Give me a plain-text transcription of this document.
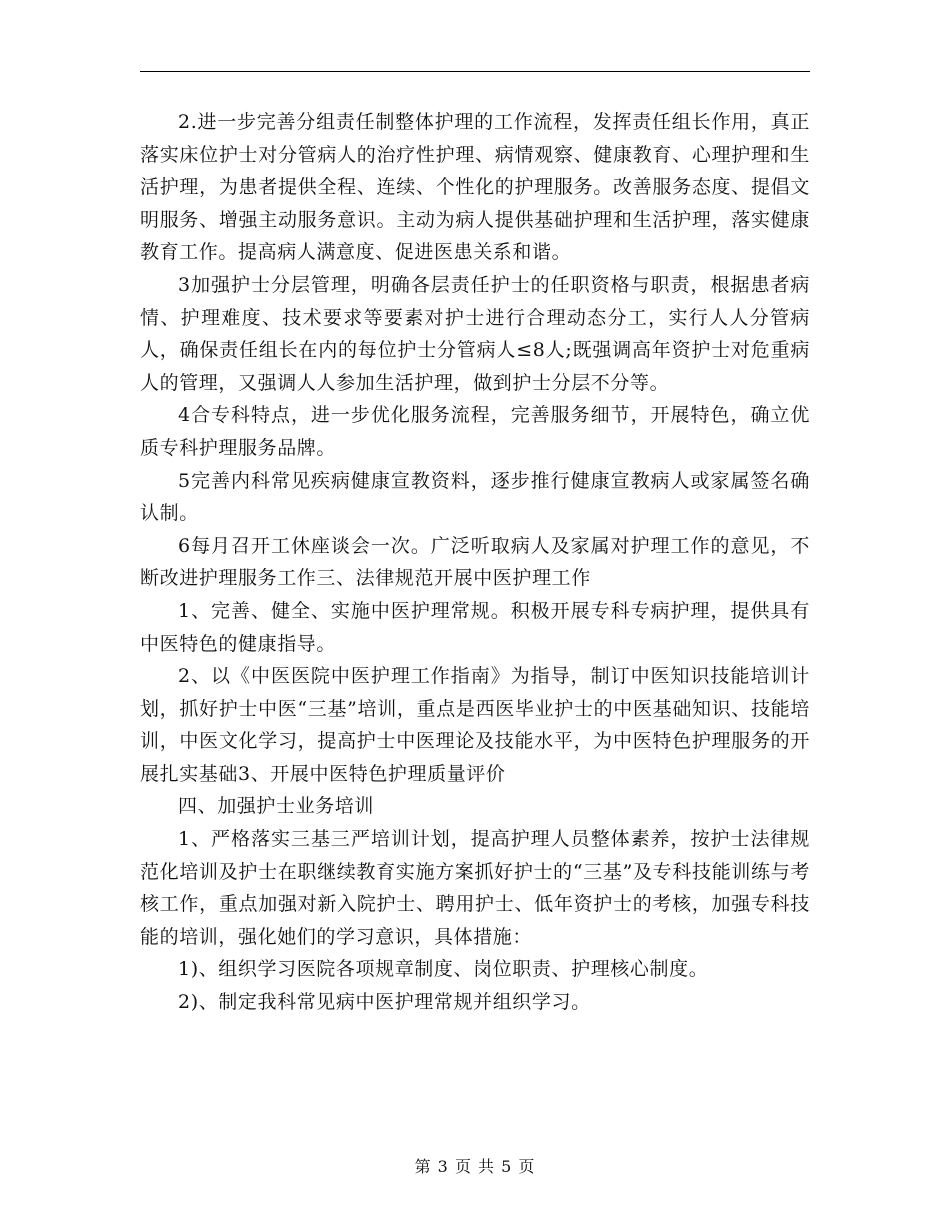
2.进一步完善分组责任制整体护理的工作流程，发挥责任组长作用，真正落实床位护士对分管病人的治疗性护理、病情观察、健康教育、心理护理和生活护理，为患者提供全程、连续、个性化的护理服务。改善服务态度、提倡文明服务、增强主动服务意识。主动为病人提供基础护理和生活护理，落实健康教育工作。提高病人满意度、促进医患关系和谐。

3加强护士分层管理，明确各层责任护士的任职资格与职责，根据患者病情、护理难度、技术要求等要素对护士进行合理动态分工，实行人人分管病人，确保责任组长在内的每位护士分管病人≤8人;既强调高年资护士对危重病人的管理，又强调人人参加生活护理，做到护士分层不分等。

4合专科特点，进一步优化服务流程，完善服务细节，开展特色，确立优质专科护理服务品牌。

5完善内科常见疾病健康宣教资料，逐步推行健康宣教病人或家属签名确认制。

6每月召开工休座谈会一次。广泛听取病人及家属对护理工作的意见，不断改进护理服务工作三、法律规范开展中医护理工作

1、完善、健全、实施中医护理常规。积极开展专科专病护理，提供具有中医特色的健康指导。

2、以《中医医院中医护理工作指南》为指导，制订中医知识技能培训计划，抓好护士中医“三基”培训，重点是西医毕业护士的中医基础知识、技能培训，中医文化学习，提高护士中医理论及技能水平，为中医特色护理服务的开展扎实基础3、开展中医特色护理质量评价

四、加强护士业务培训

1、严格落实三基三严培训计划，提高护理人员整体素养，按护士法律规范化培训及护士在职继续教育实施方案抓好护士的“三基”及专科技能训练与考核工作，重点加强对新入院护士、聘用护士、低年资护士的考核，加强专科技能的培训，强化她们的学习意识，具体措施：

1)、组织学习医院各项规章制度、岗位职责、护理核心制度。

2)、制定我科常见病中医护理常规并组织学习。

第 3 页 共 5 页
